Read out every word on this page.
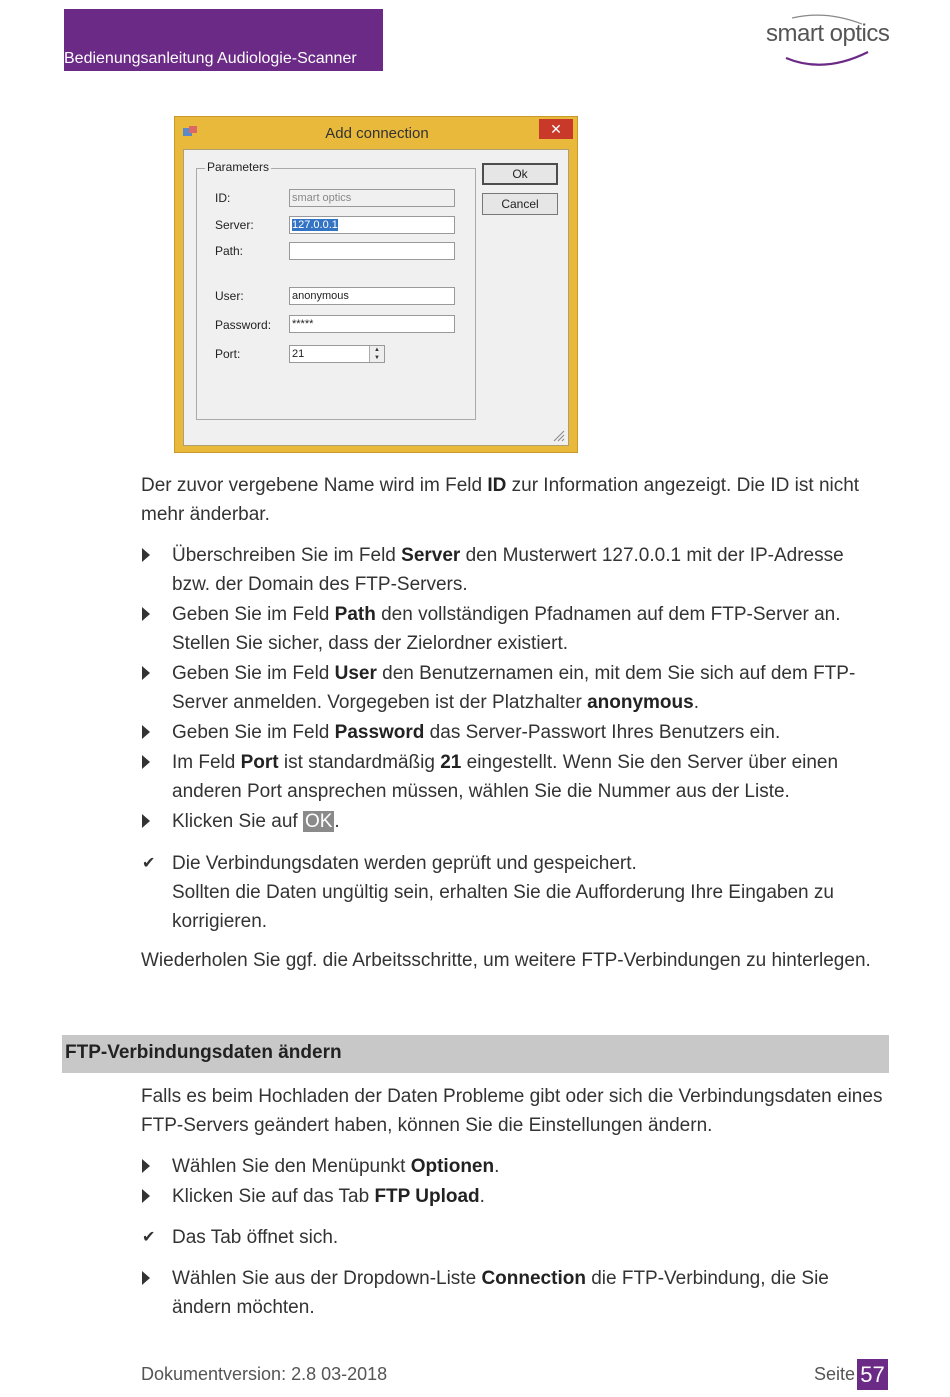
Bedienungsanleitung Audiologie-Scanner
smart optics
Add connection	✕
Parameters
ID:	smart optics
Server:	127.0.0.1
Path:
User:	anonymous
Password: *****
Port:	21	▲
▼
Ok
Cancel
Der zuvor vergebene Name wird im Feld ID zur Information angezeigt. Die ID ist nicht
mehr änderbar.
Überschreiben Sie im Feld Server den Musterwert 127.0.0.1 mit der IP-Adresse
bzw. der Domain des FTP-Servers.
Geben Sie im Feld Path den vollständigen Pfadnamen auf dem FTP-Server an.
Stellen Sie sicher, dass der Zielordner existiert.
Geben Sie im Feld User den Benutzernamen ein, mit dem Sie sich auf dem FTP-
Server anmelden. Vorgegeben ist der Platzhalter anonymous.
Geben Sie im Feld Password das Server-Passwort Ihres Benutzers ein.
Im Feld Port ist standardmäßig 21 eingestellt. Wenn Sie den Server über einen
anderen Port ansprechen müssen, wählen Sie die Nummer aus der Liste.
Klicken Sie auf OK .
✔ Die Verbindungsdaten werden geprüft und gespeichert.
Sollten die Daten ungültig sein, erhalten Sie die Aufforderung Ihre Eingaben zu
korrigieren.
Wiederholen Sie ggf. die Arbeitsschritte, um weitere FTP-Verbindungen zu hinterlegen.
FTP-Verbindungsdaten ändern
Falls es beim Hochladen der Daten Probleme gibt oder sich die Verbindungsdaten eines
FTP-Servers geändert haben, können Sie die Einstellungen ändern.
Wählen Sie den Menüpunkt Optionen.
Klicken Sie auf das Tab FTP Upload.
✔ Das Tab öffnet sich.
Wählen Sie aus der Dropdown-Liste Connection die FTP-Verbindung, die Sie
ändern möchten.
Dokumentversion: 2.8 03-2018	Seite 57
